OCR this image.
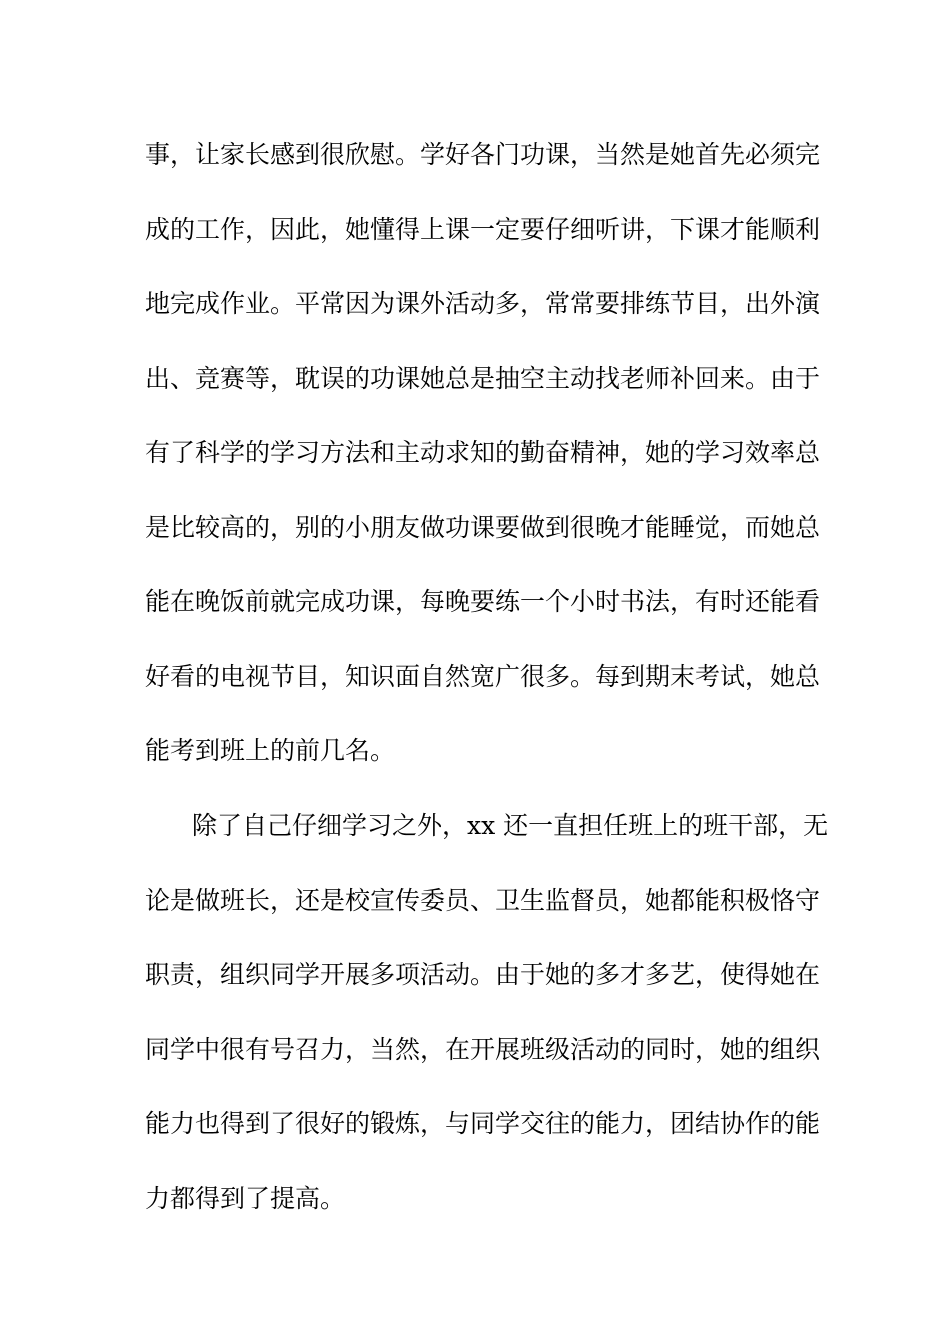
事，让家长感到很欣慰。学好各门功课，当然是她首先必须完
成的工作，因此，她懂得上课一定要仔细听讲，下课才能顺利
地完成作业。平常因为课外活动多，常常要排练节目，出外演
出、竞赛等，耽误的功课她总是抽空主动找老师补回来。由于
有了科学的学习方法和主动求知的勤奋精神，她的学习效率总
是比较高的，别的小朋友做功课要做到很晚才能睡觉，而她总
能在晚饭前就完成功课，每晚要练一个小时书法，有时还能看
好看的电视节目，知识面自然宽广很多。每到期末考试，她总
能考到班上的前几名。
除了自己仔细学习之外，xx 还一直担任班上的班干部，无
论是做班长，还是校宣传委员、卫生监督员，她都能积极恪守
职责，组织同学开展多项活动。由于她的多才多艺，使得她在
同学中很有号召力，当然，在开展班级活动的同时，她的组织
能力也得到了很好的锻炼，与同学交往的能力，团结协作的能
力都得到了提高。
